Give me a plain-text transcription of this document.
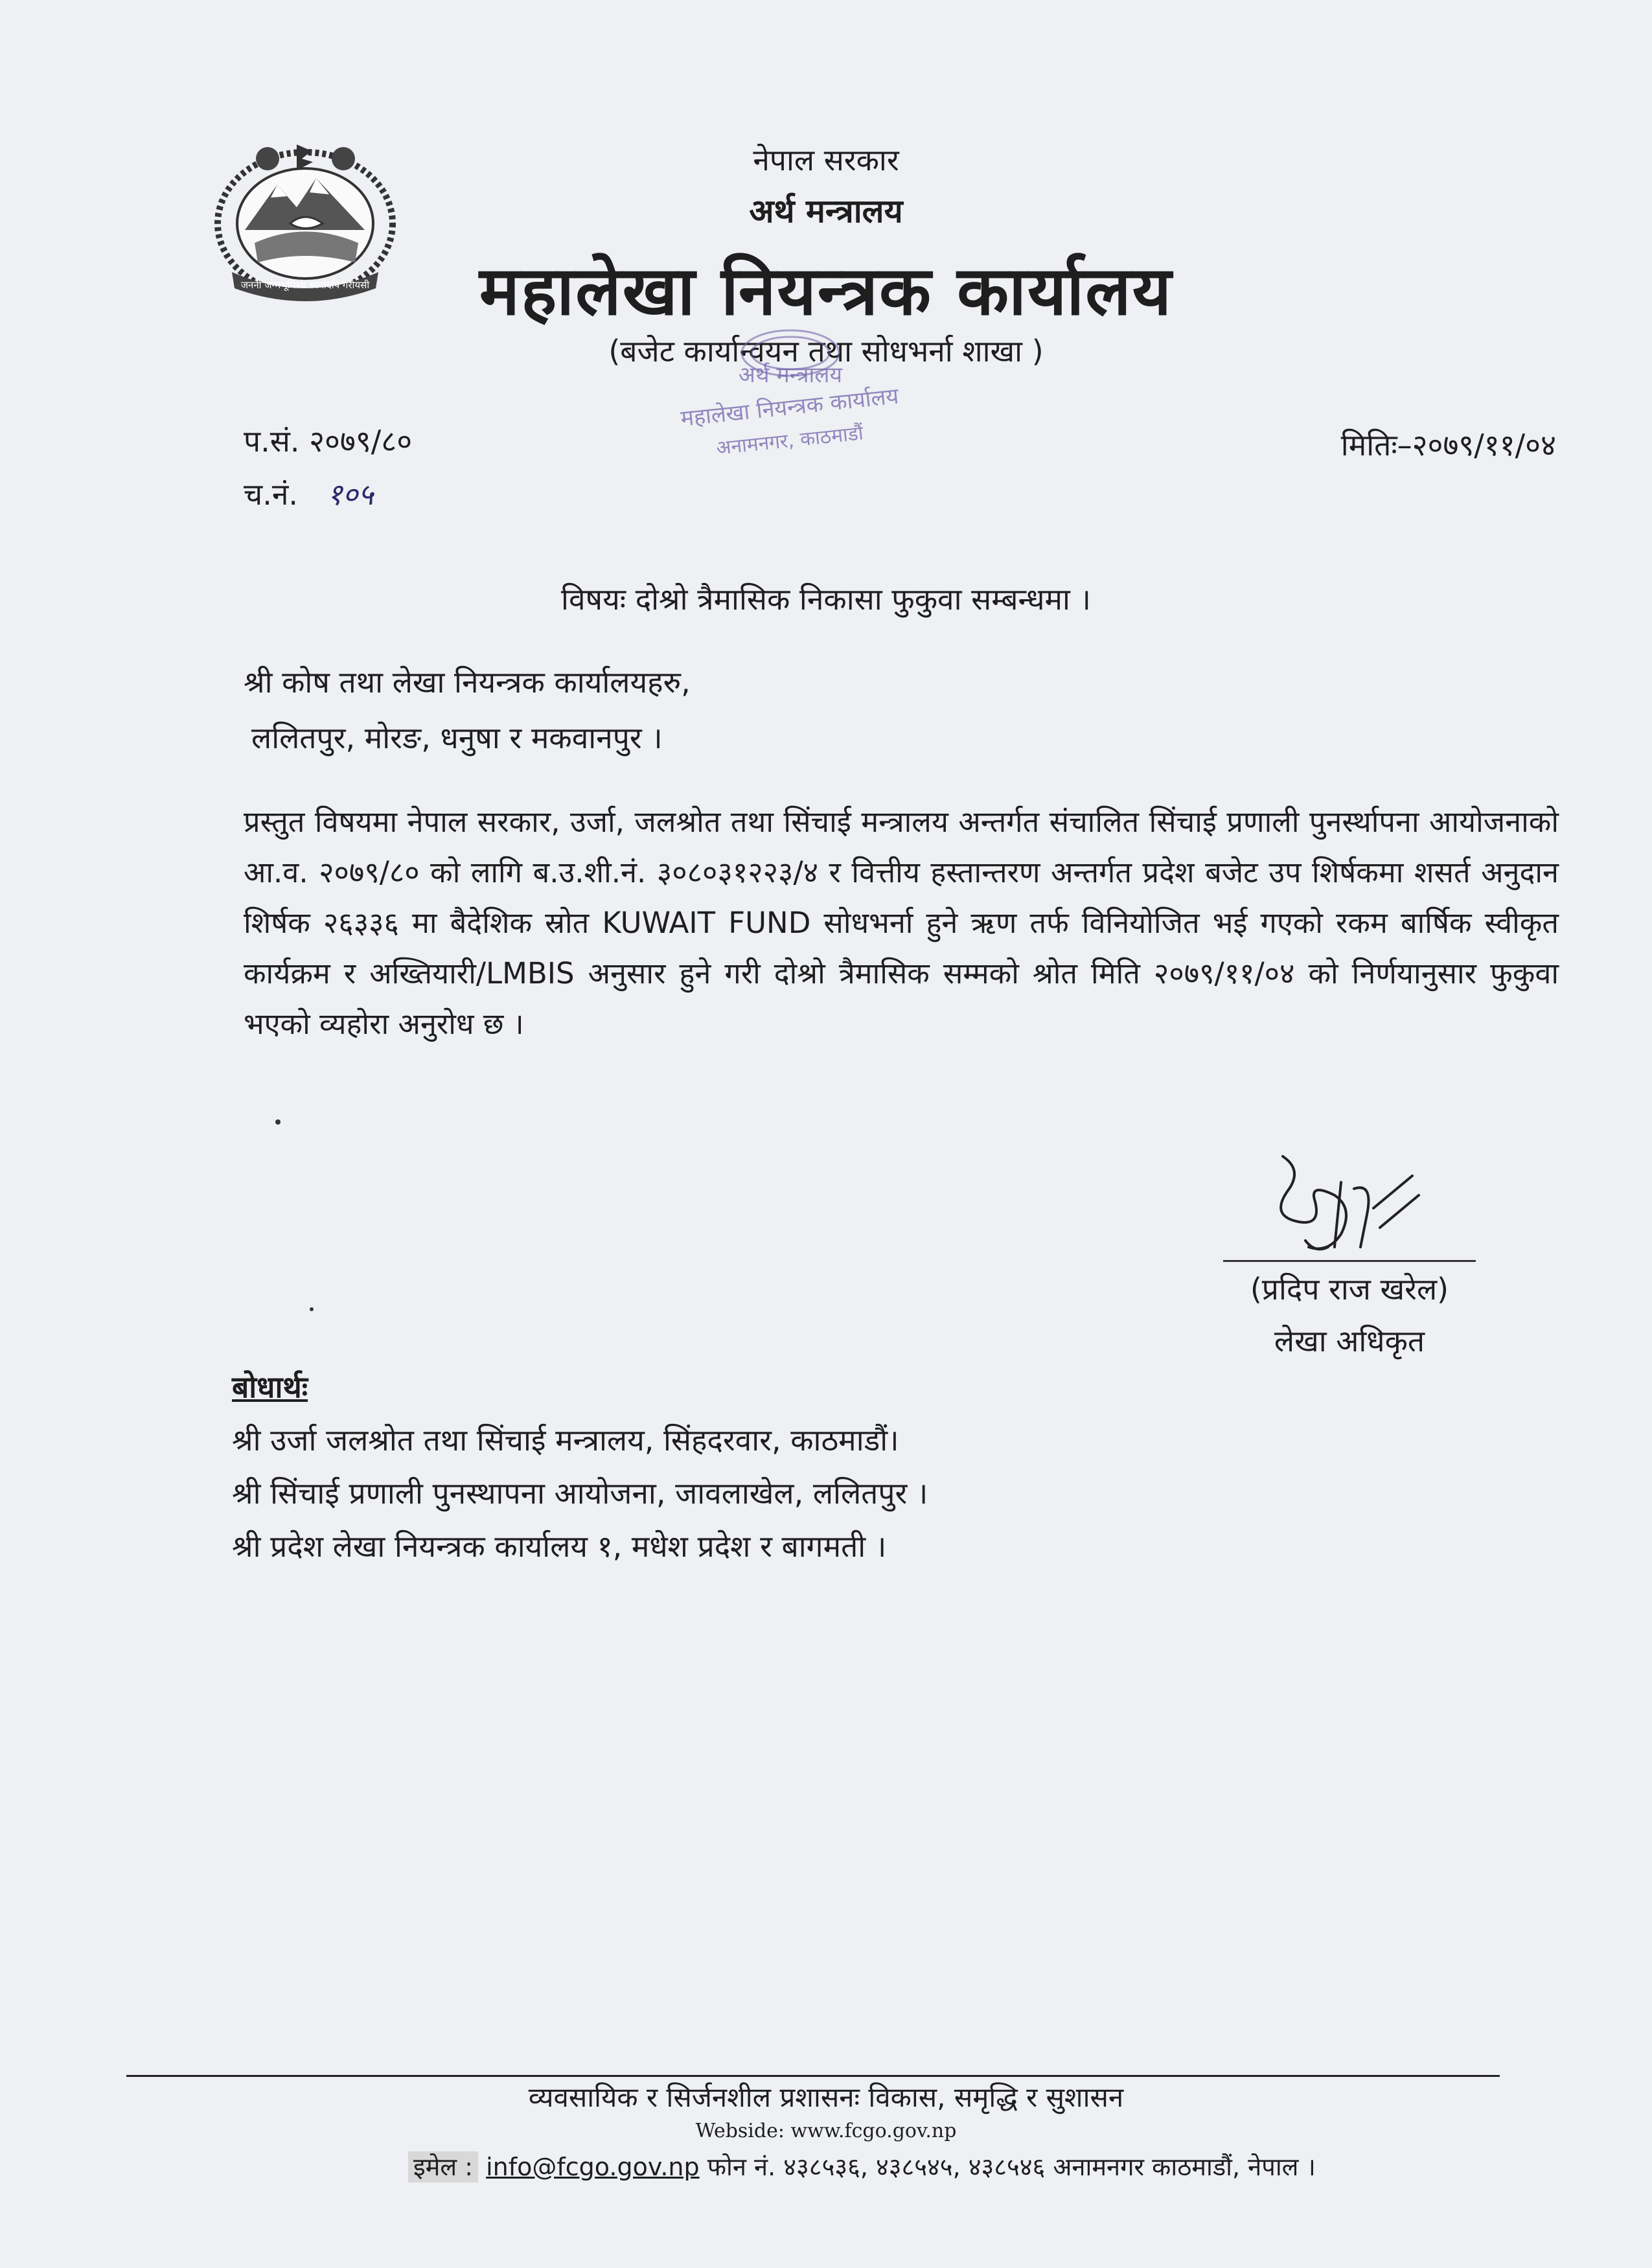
जननी जन्मभूमिश्च स्वर्गादपि गरीयसी
नेपाल सरकार
अर्थ मन्त्रालय
महालेखा नियन्त्रक कार्यालय
(बजेट कार्यान्वयन तथा सोधभर्ना शाखा )
अर्थ मन्त्रालय
महालेखा नियन्त्रक कार्यालय
अनामनगर, काठमाडौं
प.सं. २०७९/८०
च.नं. १०५
मितिः–२०७९/११/०४
विषयः दोश्रो त्रैमासिक निकासा फुकुवा सम्बन्धमा ।
श्री कोष तथा लेखा नियन्त्रक कार्यालयहरु,
ललितपुर, मोरङ, धनुषा र मकवानपुर ।
प्रस्तुत विषयमा नेपाल सरकार, उर्जा, जलश्रोत तथा सिंचाई मन्त्रालय अन्तर्गत संचालित सिंचाई प्रणाली पुनर्स्थापना आयोजनाको आ.व. २०७९/८० को लागि ब.उ.शी.नं. ३०८०३१२२३/४ र वित्तीय हस्तान्तरण अन्तर्गत प्रदेश बजेट उप शिर्षकमा शसर्त अनुदान शिर्षक २६३३६ मा बैदेशिक स्रोत KUWAIT FUND सोधभर्ना हुने ऋण तर्फ विनियोजित भई गएको रकम बार्षिक स्वीकृत कार्यक्रम र अख्तियारी/LMBIS अनुसार हुने गरी दोश्रो त्रैमासिक सम्मको श्रोत मिति २०७९/११/०४ को निर्णयानुसार फुकुवा भएको व्यहोरा अनुरोध छ ।
(प्रदिप राज खरेल)
लेखा अधिकृत
बोधार्थः
श्री उर्जा जलश्रोत तथा सिंचाई मन्त्रालय, सिंहदरवार, काठमाडौं।
श्री सिंचाई प्रणाली पुनस्थापना आयोजना, जावलाखेल, ललितपुर ।
श्री प्रदेश लेखा नियन्त्रक कार्यालय १, मधेश प्रदेश र बागमती ।
व्यवसायिक र सिर्जनशील प्रशासनः विकास, समृद्धि र सुशासन
Webside: www.fcgo.gov.np
इमेल : info@fcgo.gov.np फोन नं. ४३८५३६, ४३८५४५, ४३८५४६ अनामनगर काठमाडौं, नेपाल ।
